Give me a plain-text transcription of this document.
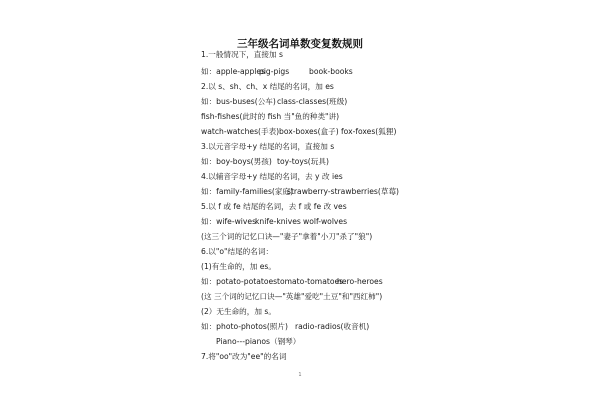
三年级名词单数变复数规则
1.一般情况下，直接加 s
如：apple-apples
pig-pigs	book-books
2.以 s、sh、ch、x 结尾的名词，加 es
如：bus-buses(公车) class-classes(班级)
fish-fishes(此时的 fish 当"鱼的种类"讲)
watch-watches(手表) box-boxes(盒子) fox-foxes(狐狸)
3.以元音字母+y 结尾的名词，直接加 s
如：boy-boys(男孩) toy-toys(玩具)
4.以辅音字母+y 结尾的名词，去 y 改 ies
如：family-families(家庭)
strawberry-strawberries(草莓)
5.以 f 或 fe 结尾的名词，去 f 或 fe 改 ves
如：wife-wives
knife-knives wolf-wolves
(这三个词的记忆口诀—"妻子"拿着"小刀"杀了"狼")
6.以"o"结尾的名词：
(1)有生命的，加 es。
如：potato-potatoes tomato-tomatoes
hero-heroes
(这 三个词的记忆口诀—"英雄"爱吃"土豆"和"西红柿")
(2）无生命的，加 s。
如：photo-photos(照片) radio-radios(收音机)
Piano---pianos（钢琴）
7.将"oo"改为"ee"的名词
1
